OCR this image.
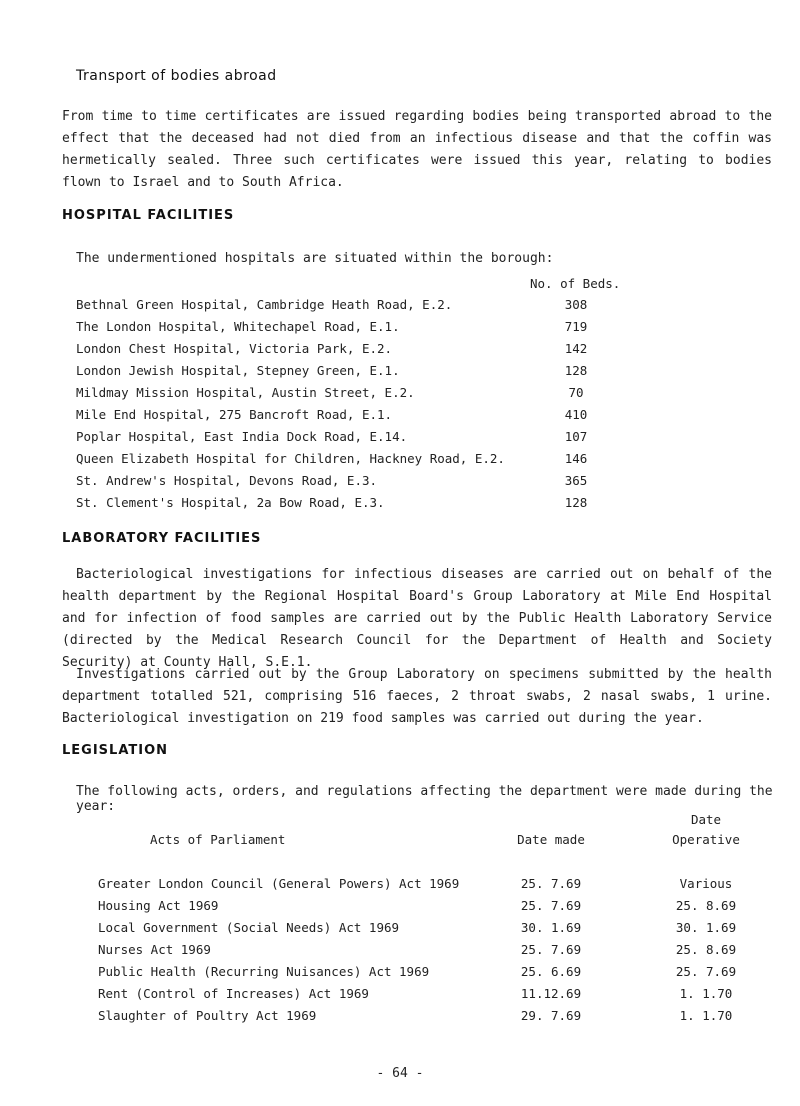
Transport of bodies abroad
From time to time certificates are issued regarding bodies being transported abroad to the effect that the deceased had not died from an infectious disease and that the coffin was hermetically sealed. Three such certificates were issued this year, relating to bodies flown to Israel and to South Africa.
HOSPITAL FACILITIES
The undermentioned hospitals are situated within the borough:
No. of Beds.
Bethnal Green Hospital, Cambridge Heath Road, E.2.	308
The London Hospital, Whitechapel Road, E.1.	719
London Chest Hospital, Victoria Park, E.2.	142
London Jewish Hospital, Stepney Green, E.1.	128
Mildmay Mission Hospital, Austin Street, E.2.	70
Mile End Hospital, 275 Bancroft Road, E.1.	410
Poplar Hospital, East India Dock Road, E.14.	107
Queen Elizabeth Hospital for Children, Hackney Road, E.2.	146
St. Andrew's Hospital, Devons Road, E.3.	365
St. Clement's Hospital, 2a Bow Road, E.3.	128
LABORATORY FACILITIES
Bacteriological investigations for infectious diseases are carried out on behalf of the health department by the Regional Hospital Board's Group Laboratory at Mile End Hospital and for infection of food samples are carried out by the Public Health Laboratory Service (directed by the Medical Research Council for the Department of Health and Society Security) at County Hall, S.E.1.
Investigations carried out by the Group Laboratory on specimens submitted by the health department totalled 521, comprising 516 faeces, 2 throat swabs, 2 nasal swabs, 1 urine. Bacteriological investigation on 219 food samples was carried out during the year.
LEGISLATION
The following acts, orders, and regulations affecting the department were made during the year:
Acts of Parliament	Date made
Date
Operative
Greater London Council (General Powers) Act 1969	25. 7.69	Various
Housing Act 1969	25. 7.69	25. 8.69
Local Government (Social Needs) Act 1969	30. 1.69	30. 1.69
Nurses Act 1969	25. 7.69	25. 8.69
Public Health (Recurring Nuisances) Act 1969	25. 6.69	25. 7.69
Rent (Control of Increases) Act 1969	11.12.69	1. 1.70
Slaughter of Poultry Act 1969	29. 7.69	1. 1.70
- 64 -
